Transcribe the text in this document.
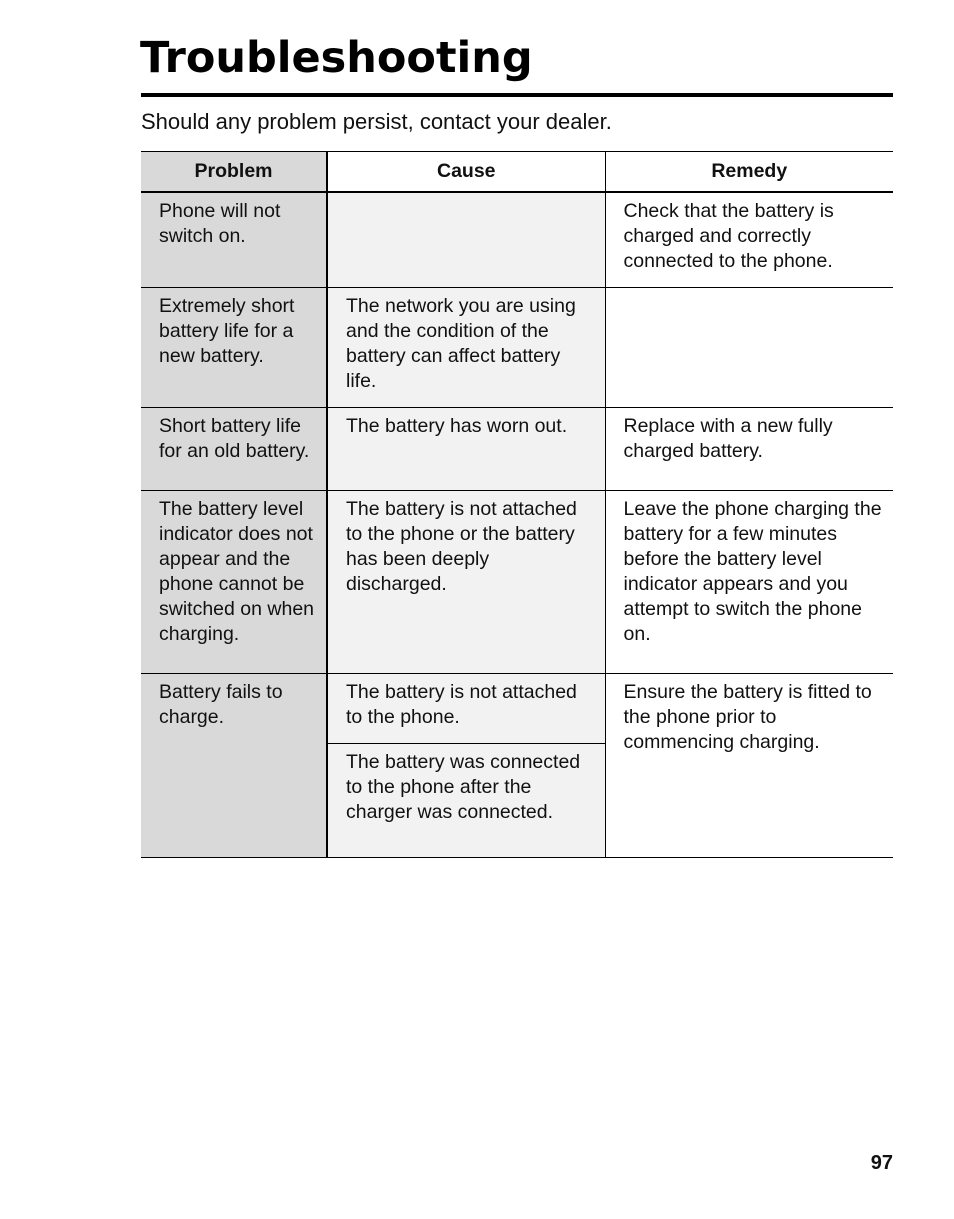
Troubleshooting

Should any problem persist, contact your dealer.

Problem	Cause	Remedy
Phone will not switch on.		Check that the battery is charged and correctly connected to the phone.
Extremely short battery life for a new battery.	The network you are using and the condition of the battery can affect battery life.	
Short battery life for an old battery.	The battery has worn out.	Replace with a new fully charged battery.
The battery level indicator does not appear and the phone cannot be switched on when charging.	The battery is not attached to the phone or the battery has been deeply discharged.	Leave the phone charging the battery for a few minutes before the battery level indicator appears and you attempt to switch the phone on.
Battery fails to charge.	The battery is not attached to the phone.	Ensure the battery is fitted to the phone prior to commencing charging.
	The battery was connected to the phone after the charger was connected.	
97
